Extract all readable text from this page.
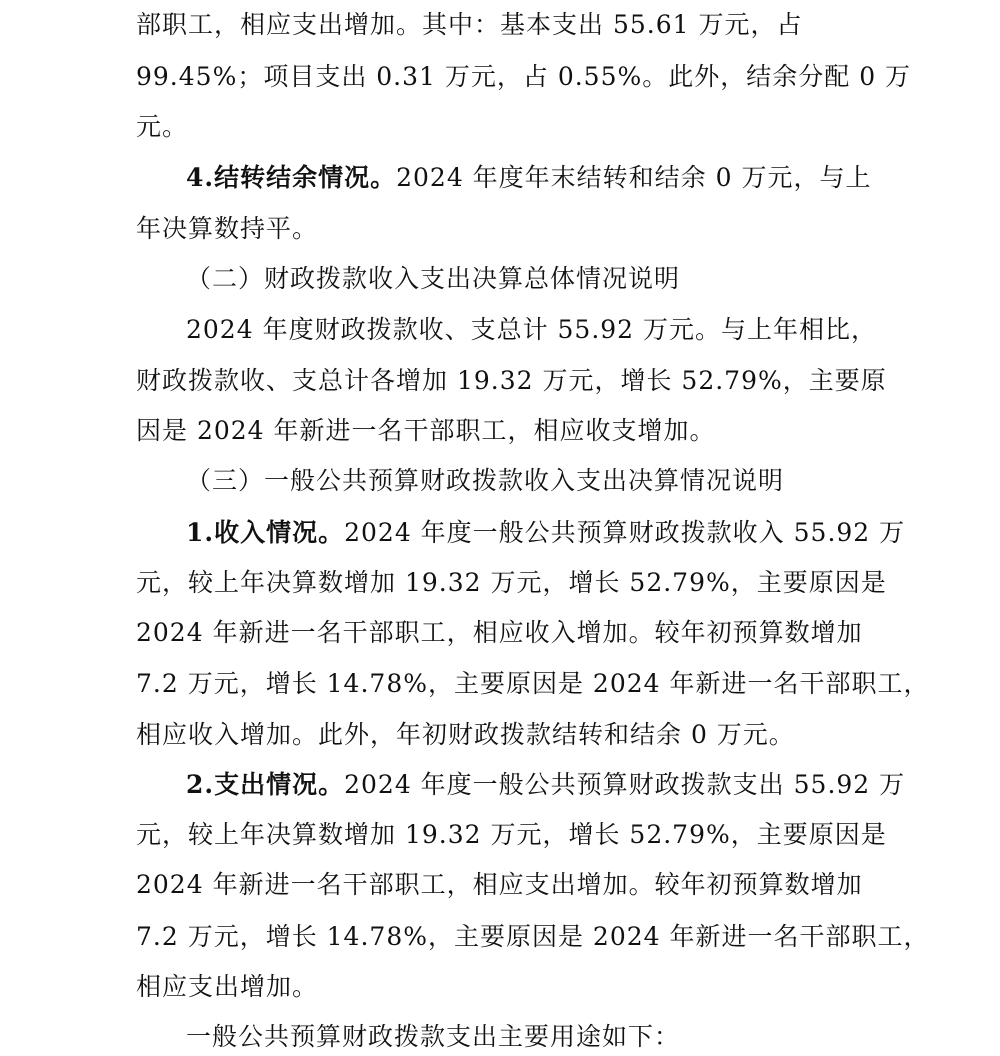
部职工，相应支出增加。其中：基本支出 55.61 万元，占
99.45%；项目支出 0.31 万元，占 0.55%。此外，结余分配 0 万
元。
4.结转结余情况。2024 年度年末结转和结余 0 万元，与上
年决算数持平。
（二）财政拨款收入支出决算总体情况说明
2024 年度财政拨款收、支总计 55.92 万元。与上年相比，
财政拨款收、支总计各增加 19.32 万元，增长 52.79%，主要原
因是 2024 年新进一名干部职工，相应收支增加。
（三）一般公共预算财政拨款收入支出决算情况说明
1.收入情况。2024 年度一般公共预算财政拨款收入 55.92 万
元，较上年决算数增加 19.32 万元，增长 52.79%，主要原因是
2024 年新进一名干部职工，相应收入增加。较年初预算数增加
7.2 万元，增长 14.78%，主要原因是 2024 年新进一名干部职工，
相应收入增加。此外，年初财政拨款结转和结余 0 万元。
2.支出情况。2024 年度一般公共预算财政拨款支出 55.92 万
元，较上年决算数增加 19.32 万元，增长 52.79%，主要原因是
2024 年新进一名干部职工，相应支出增加。较年初预算数增加
7.2 万元，增长 14.78%，主要原因是 2024 年新进一名干部职工，
相应支出增加。
一般公共预算财政拨款支出主要用途如下：
